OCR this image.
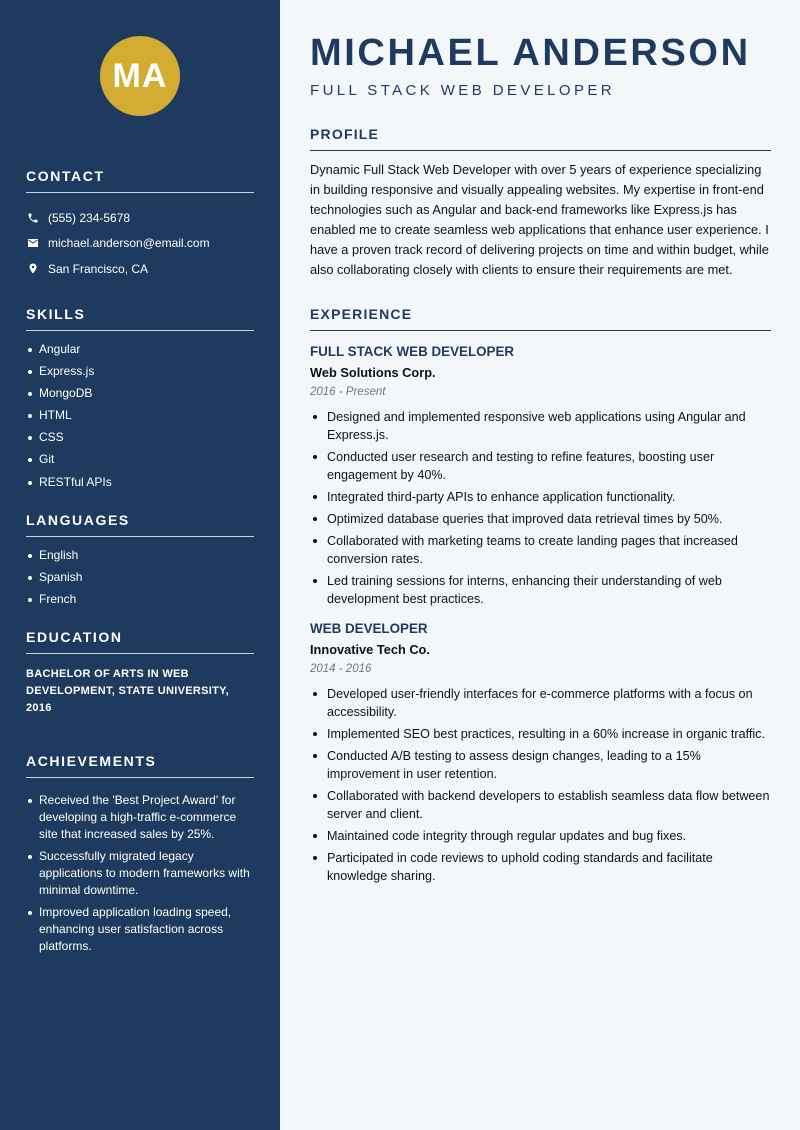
MA
CONTACT
(555) 234-5678
michael.anderson@email.com
San Francisco, CA
SKILLS
Angular
Express.js
MongoDB
HTML
CSS
Git
RESTful APIs
LANGUAGES
English
Spanish
French
EDUCATION
BACHELOR OF ARTS IN WEB DEVELOPMENT, STATE UNIVERSITY, 2016
ACHIEVEMENTS
Received the 'Best Project Award' for developing a high-traffic e-commerce site that increased sales by 25%.
Successfully migrated legacy applications to modern frameworks with minimal downtime.
Improved application loading speed, enhancing user satisfaction across platforms.
MICHAEL ANDERSON
FULL STACK WEB DEVELOPER
PROFILE

Dynamic Full Stack Web Developer with over 5 years of experience specializing in building responsive and visually appealing websites. My expertise in front-end technologies such as Angular and back-end frameworks like Express.js has enabled me to create seamless web applications that enhance user experience. I have a proven track record of delivering projects on time and within budget, while also collaborating closely with clients to ensure their requirements are met.

EXPERIENCE
FULL STACK WEB DEVELOPER
Web Solutions Corp.
2016 - Present
Designed and implemented responsive web applications using Angular and Express.js.
Conducted user research and testing to refine features, boosting user engagement by 40%.
Integrated third-party APIs to enhance application functionality.
Optimized database queries that improved data retrieval times by 50%.
Collaborated with marketing teams to create landing pages that increased conversion rates.
Led training sessions for interns, enhancing their understanding of web development best practices.
WEB DEVELOPER
Innovative Tech Co.
2014 - 2016
Developed user-friendly interfaces for e-commerce platforms with a focus on accessibility.
Implemented SEO best practices, resulting in a 60% increase in organic traffic.
Conducted A/B testing to assess design changes, leading to a 15% improvement in user retention.
Collaborated with backend developers to establish seamless data flow between server and client.
Maintained code integrity through regular updates and bug fixes.
Participated in code reviews to uphold coding standards and facilitate knowledge sharing.
